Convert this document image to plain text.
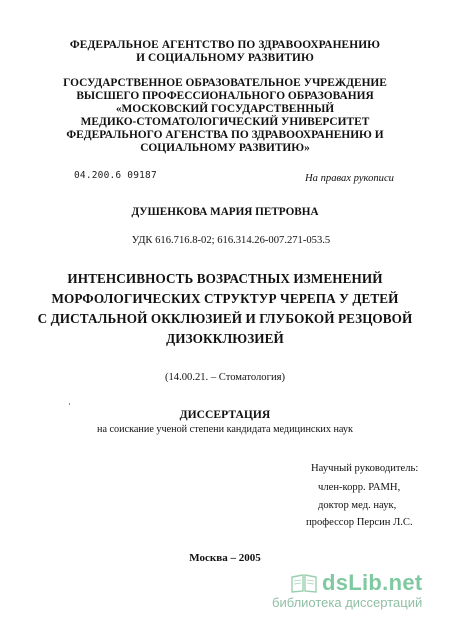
ФЕДЕРАЛЬНОЕ АГЕНТСТВО ПО ЗДРАВООХРАНЕНИЮ
И СОЦИАЛЬНОМУ РАЗВИТИЮ
ГОСУДАРСТВЕННОЕ ОБРАЗОВАТЕЛЬНОЕ УЧРЕЖДЕНИЕ
ВЫСШЕГО ПРОФЕССИОНАЛЬНОГО ОБРАЗОВАНИЯ
«МОСКОВСКИЙ ГОСУДАРСТВЕННЫЙ
МЕДИКО-СТОМАТОЛОГИЧЕСКИЙ УНИВЕРСИТЕТ
ФЕДЕРАЛЬНОГО АГЕНСТВА ПО ЗДРАВООХРАНЕНИЮ И
СОЦИАЛЬНОМУ РАЗВИТИЮ»
04.200.6 09187	На правах рукописи
ДУШЕНКОВА МАРИЯ ПЕТРОВНА
УДК 616.716.8-02; 616.314.26-007.271-053.5
ИНТЕНСИВНОСТЬ ВОЗРАСТНЫХ ИЗМЕНЕНИЙ
МОРФОЛОГИЧЕСКИХ СТРУКТУР ЧЕРЕПА У ДЕТЕЙ
С ДИСТАЛЬНОЙ ОККЛЮЗИЕЙ И ГЛУБОКОЙ РЕЗЦОВОЙ
ДИЗОККЛЮЗИЕЙ
(14.00.21. – Стоматология)
ДИССЕРТАЦИЯ
на соискание ученой степени кандидата медицинских наук
Научный руководитель:
член-корр. РАМН,
доктор мед. наук,
профессор Персин Л.С.
Москва – 2005
dsLib.net
библиотека диссертаций
